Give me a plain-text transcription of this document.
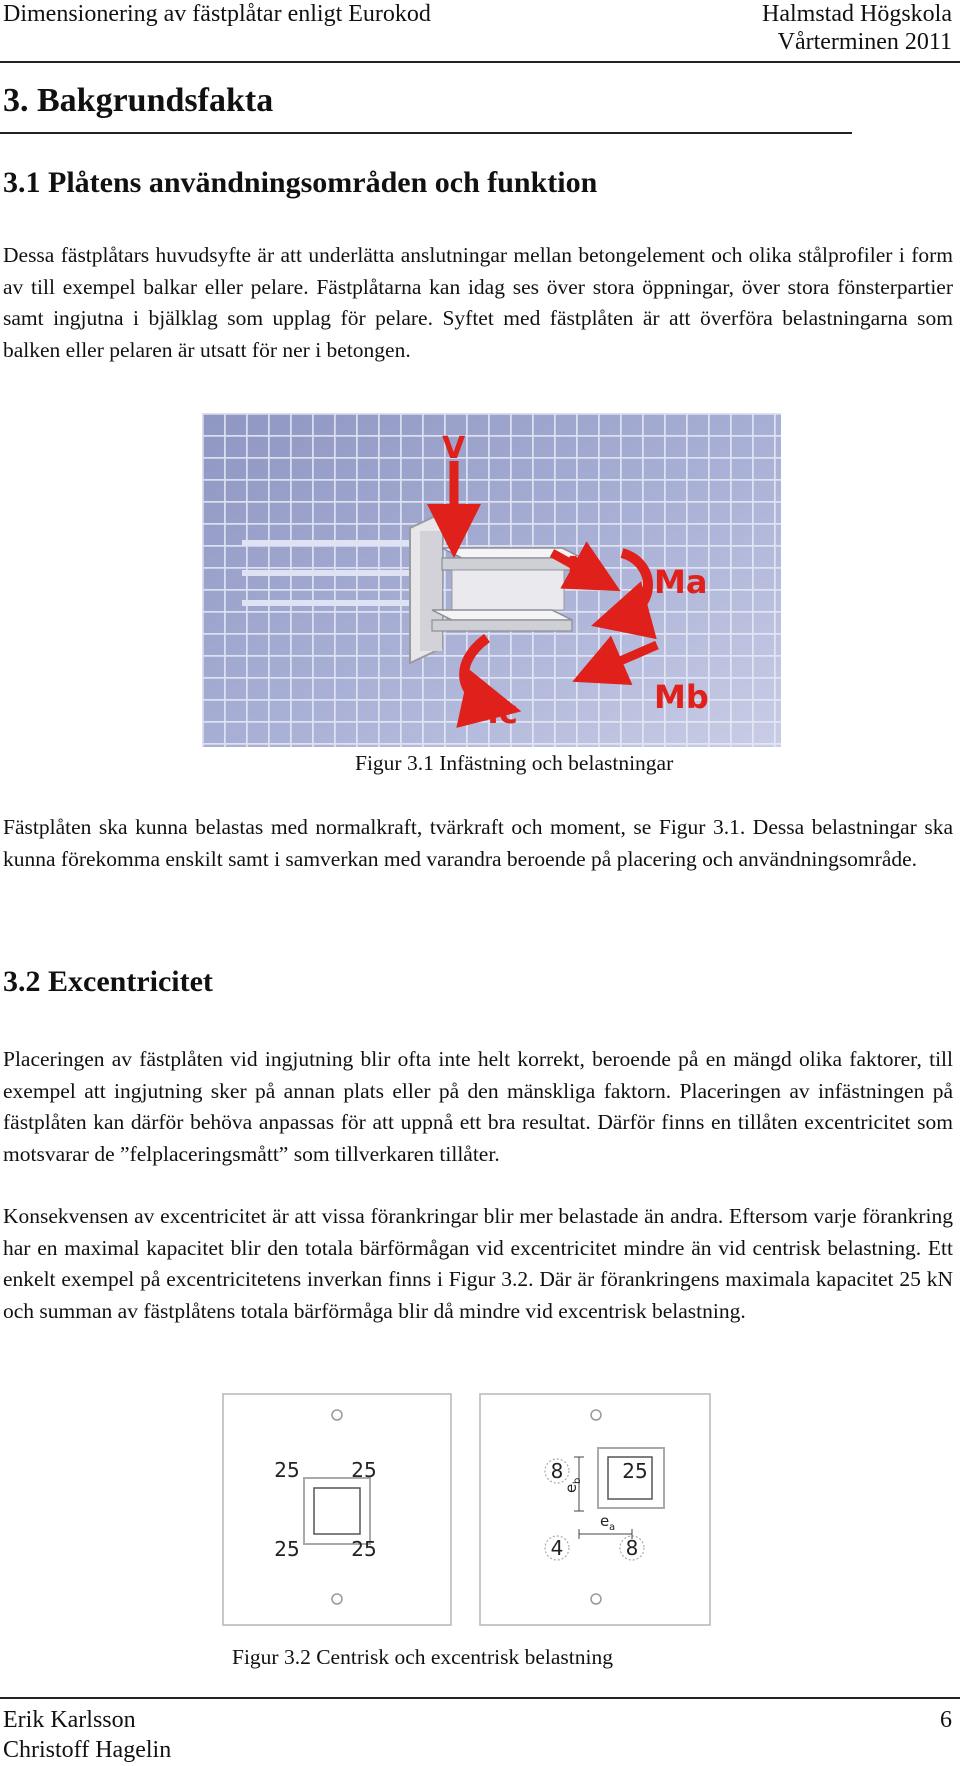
Dimensionering av fästplåtar enligt Eurokod	Halmstad Högskola
Vårterminen 2011
3. Bakgrundsfakta
3.1 Plåtens användningsområden och funktion

Dessa fästplåtars huvudsyfte är att underlätta anslutningar mellan betongelement och olika stålprofiler i form av till exempel balkar eller pelare. Fästplåtarna kan idag ses över stora öppningar, över stora fönsterpartier samt ingjutna i bjälklag som upplag för pelare. Syftet med fästplåten är att överföra belastningarna som balken eller pelaren är utsatt för ner i betongen.

V
N Ma
Mb
Mc
Figur 3.1 Infästning och belastningar

Fästplåten ska kunna belastas med normalkraft, tvärkraft och moment, se Figur 3.1. Dessa belastningar ska kunna förekomma enskilt samt i samverkan med varandra beroende på placering och användningsområde.

3.2 Excentricitet

Placeringen av fästplåten vid ingjutning blir ofta inte helt korrekt, beroende på en mängd olika faktorer, till exempel att ingjutning sker på annan plats eller på den mänskliga faktorn. Placeringen av infästningen på fästplåten kan därför behöva anpassas för att uppnå ett bra resultat. Därför finns en tillåten excentricitet som motsvarar de ”felplaceringsmått” som tillverkaren tillåter.

Konsekvensen av excentricitet är att vissa förankringar blir mer belastade än andra. Eftersom varje förankring har en maximal kapacitet blir den totala bärförmågan vid excentricitet mindre än vid centrisk belastning. Ett enkelt exempel på excentricitetens inverkan finns i Figur 3.2. Där är förankringens maximala kapacitet 25 kN och summan av fästplåtens totala bärförmåga blir då mindre vid excentrisk belastning.

25	25
25	25
8	25
4	8
e
b
e a
Figur 3.2 Centrisk och excentrisk belastning
Erik Karlsson
Christoff Hagelin
6
